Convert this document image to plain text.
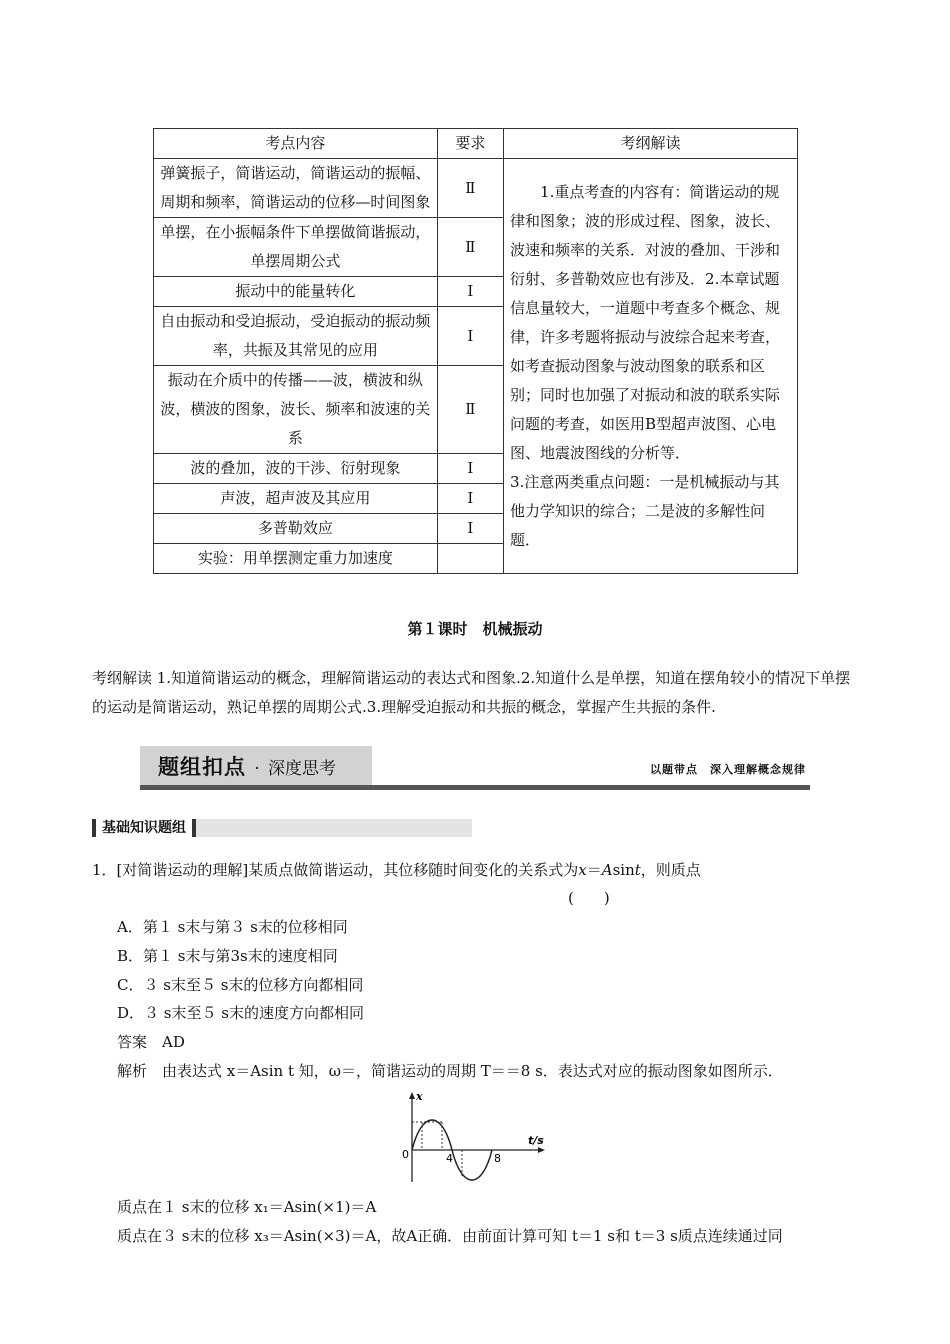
考点内容	要求	考纲解读
弹簧振子，简谐运动，简谐运动的振幅、周期和频率，简谐运动的位移—时间图象	Ⅱ	1.重点考查的内容有：简谐运动的规律和图象；波的形成过程、图象，波长、波速和频率的关系．对波的叠加、干涉和衍射、多普勒效应也有涉及．2.本章试题信息量较大，一道题中考查多个概念、规律，许多考题将振动与波综合起来考查，如考查振动图象与波动图象的联系和区别；同时也加强了对振动和波的联系实际问题的考查，如医用B型超声波图、心电图、地震波图线的分析等．
3.注意两类重点问题：一是机械振动与其他力学知识的综合；二是波的多解性问题．

单摆，在小振幅条件下单摆做简谐振动，单摆周期公式	Ⅱ	
振动中的能量转化	Ⅰ	
自由振动和受迫振动，受迫振动的振动频率，共振及其常见的应用	Ⅰ	
振动在介质中的传播——波，横波和纵波，横波的图象，波长、频率和波速的关系	Ⅱ	
波的叠加，波的干涉、衍射现象	Ⅰ	
声波，超声波及其应用	Ⅰ	
多普勒效应	Ⅰ	
实验：用单摆测定重力加速度		
第１课时　机械振动
考纲解读 1.知道简谐运动的概念，理解简谐运动的表达式和图象.2.知道什么是单摆，知道在摆角较小的情况下单摆的运动是简谐运动，熟记单摆的周期公式.3.理解受迫振动和共振的概念，掌握产生共振的条件.
题组扣点 · 深度思考	以题带点　深入理解概念规律
基础知识题组
1．[对简谐运动的理解]某质点做简谐运动，其位移随时间变化的关系式为x＝Asint，则质点
(　　)
A．第１ s末与第３ s末的位移相同
B．第１ s末与第3s末的速度相同
C．３ s末至５ s末的位移方向都相同
D．３ s末至５ s末的速度方向都相同
答案　AD
解析　由表达式 x＝Asin t 知，ω＝，简谐运动的周期 T＝＝8 s．表达式对应的振动图象如图所示．
x
t/s
0	4	8
质点在１ s末的位移 x₁＝Asin(×1)＝A
质点在３ s末的位移 x₃＝Asin(×3)＝A，故A正确．由前面计算可知 t＝1 s和 t＝3 s质点连续通过同
